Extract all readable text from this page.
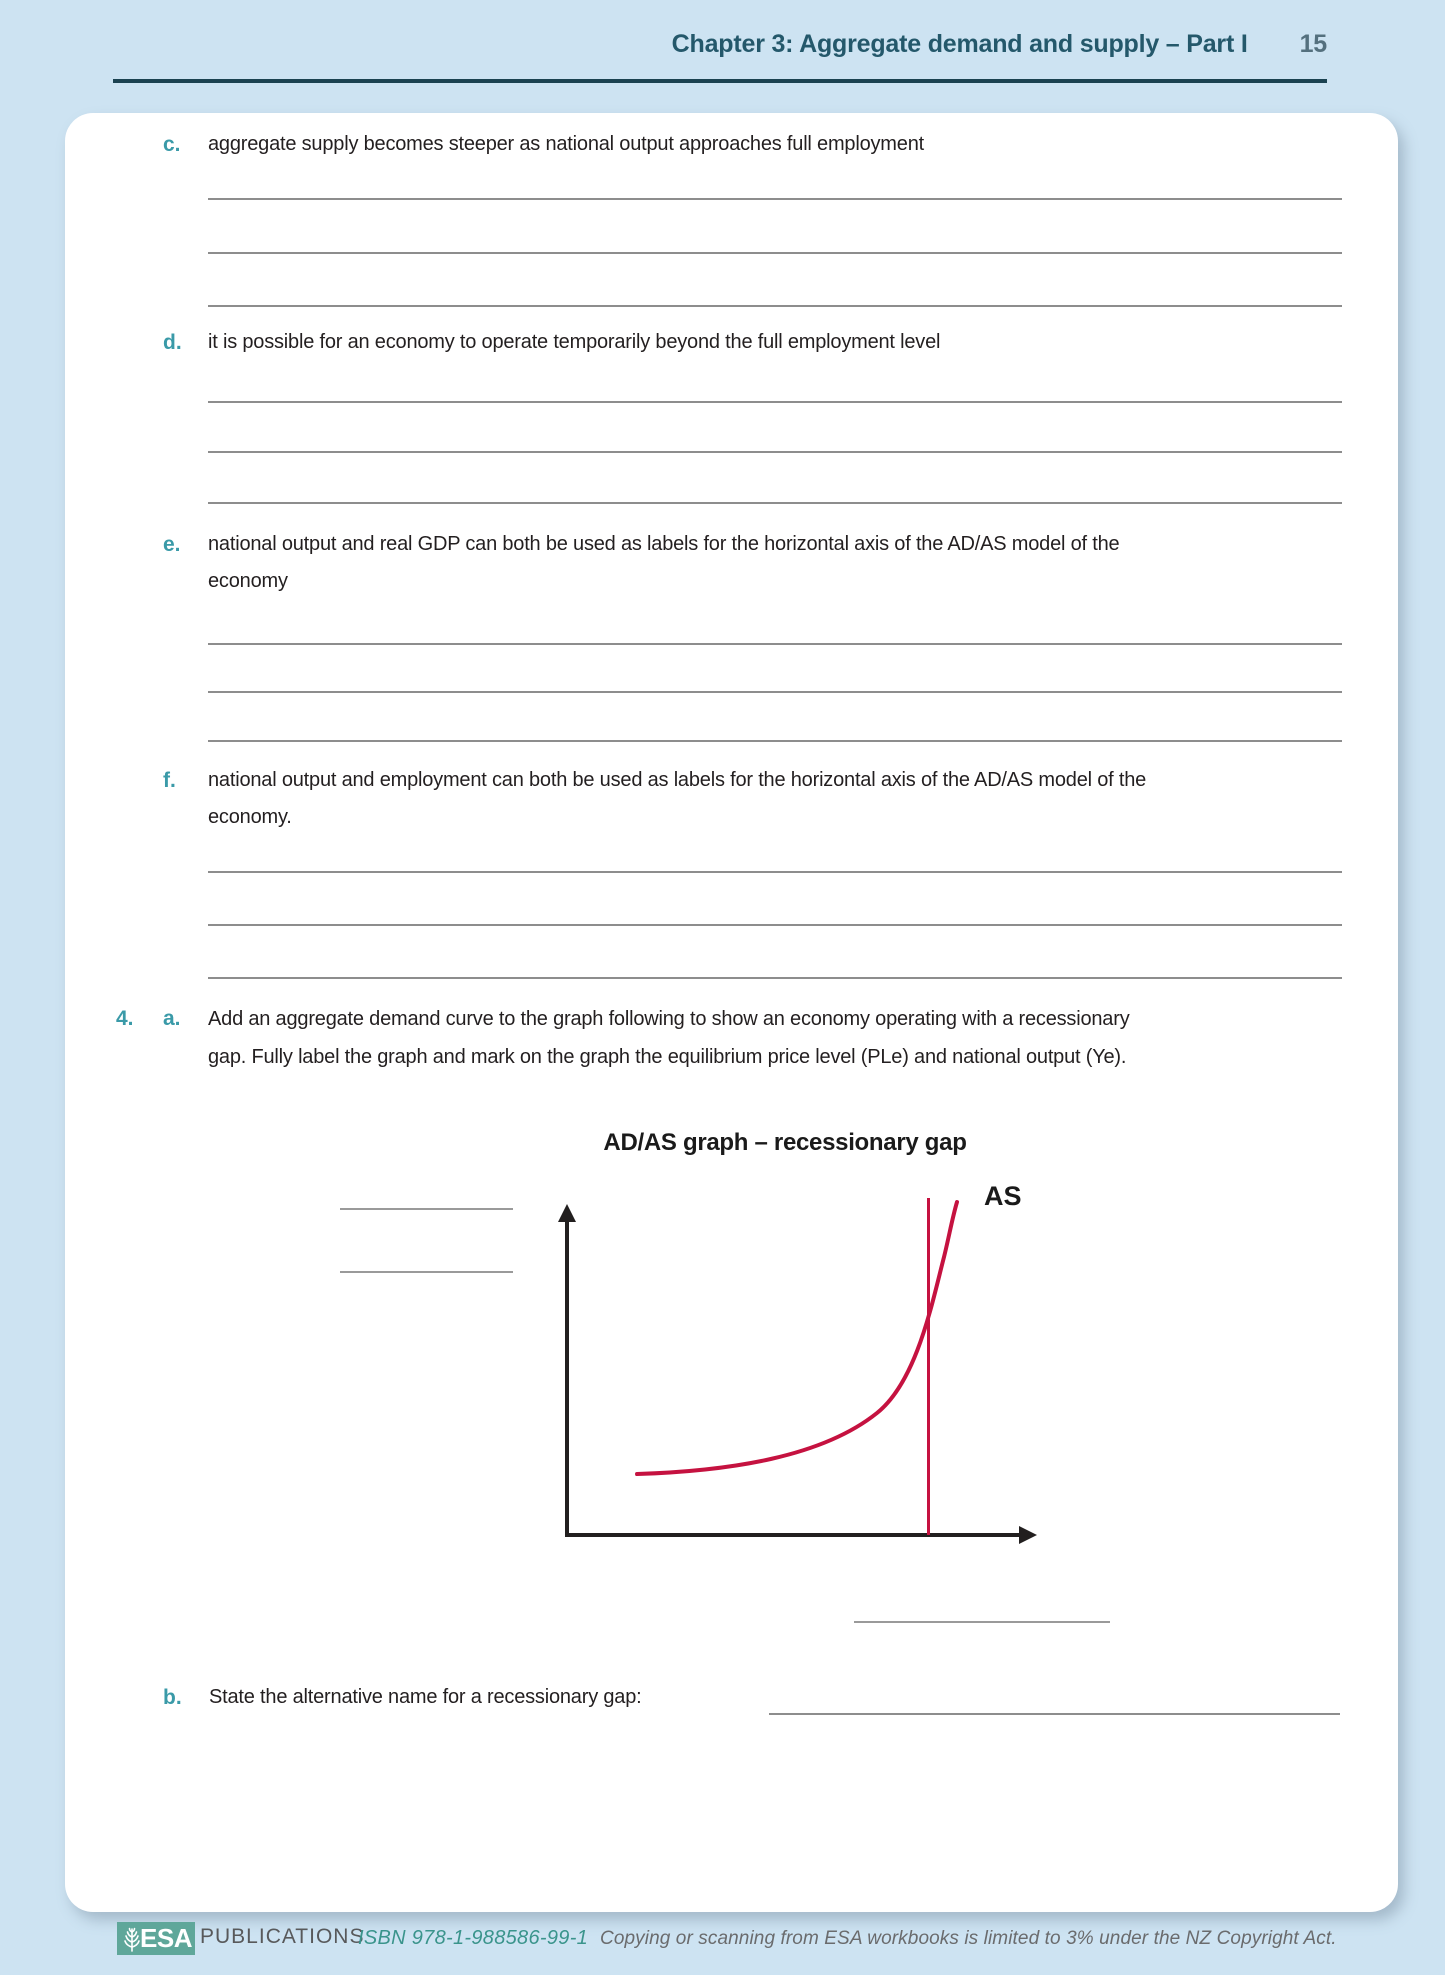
Chapter 3: Aggregate demand and supply – Part I 15
c.	aggregate supply becomes steeper as national output approaches full employment
d.	it is possible for an economy to operate temporarily beyond the full employment level
e.	national output and real GDP can both be used as labels for the horizontal axis of the AD/AS model of the economy
f.	national output and employment can both be used as labels for the horizontal axis of the AD/AS model of the economy.
4.	a.	Add an aggregate demand curve to the graph following to show an economy operating with a recessionary gap. Fully label the graph and mark on the graph the equilibrium price level (PLe) and national output (Ye).
AD/AS graph – recessionary gap
AS
b.	State the alternative name for a recessionary gap:
ESA PUBLICATIONS
ISBN 978-1-988586-99-1 Copying or scanning from ESA workbooks is limited to 3% under the NZ Copyright Act.
